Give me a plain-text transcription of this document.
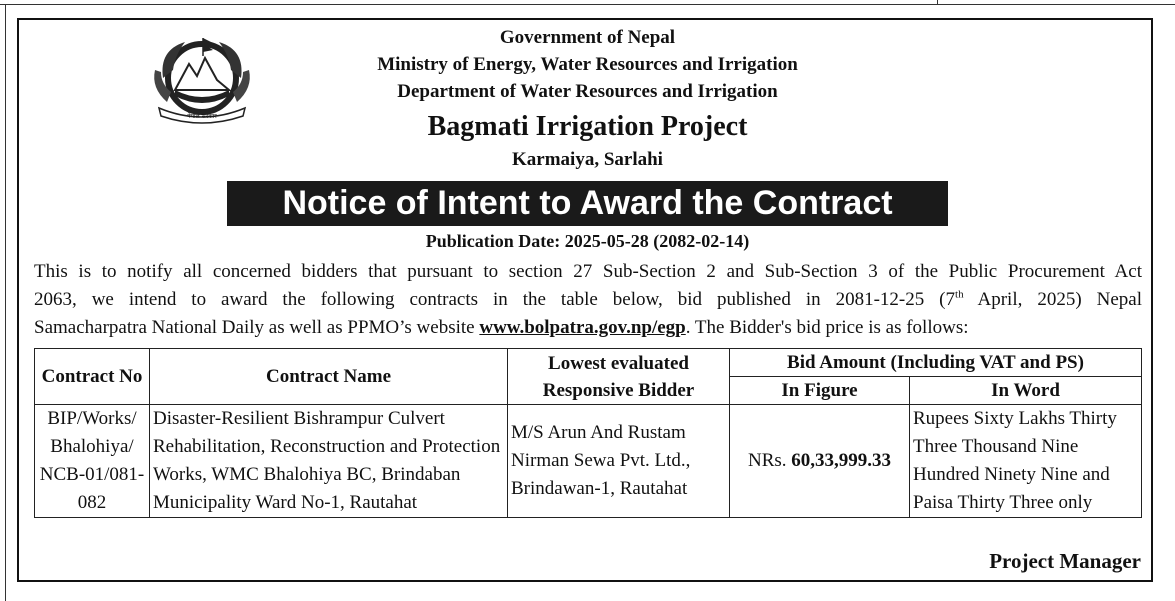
नेपाल सरकार
Government of Nepal
Ministry of Energy, Water Resources and Irrigation
Department of Water Resources and Irrigation
Bagmati Irrigation Project
Karmaiya, Sarlahi
Notice of Intent to Award the Contract
Publication Date: 2025-05-28 (2082-02-14)
This is to notify all concerned bidders that pursuant to section 27 Sub-Section 2 and Sub-Section 3 of the Public Procurement Act
2063, we intend to award the following contracts in the table below, bid published in 2081-12-25 (7th April, 2025) Nepal
Samacharpatra National Daily as well as PPMO’s website www.bolpatra.gov.np/egp. The Bidder's bid price is as follows:
Contract No	Contract Name	Lowest evaluated Responsive Bidder	Bid Amount (Including VAT and PS)	
			In Figure	In Word
BIP/Works/ Bhalohiya/ NCB-01/081-082	Disaster-Resilient Bishrampur Culvert Rehabilitation, Reconstruction and Protection Works, WMC Bhalohiya BC, Brindaban Municipality Ward No-1, Rautahat	M/S Arun And Rustam Nirman Sewa Pvt. Ltd., Brindawan-1, Rautahat	NRs. 60,33,999.33	Rupees Sixty Lakhs Thirty Three Thousand Nine Hundred Ninety Nine and Paisa Thirty Three only
Project Manager
